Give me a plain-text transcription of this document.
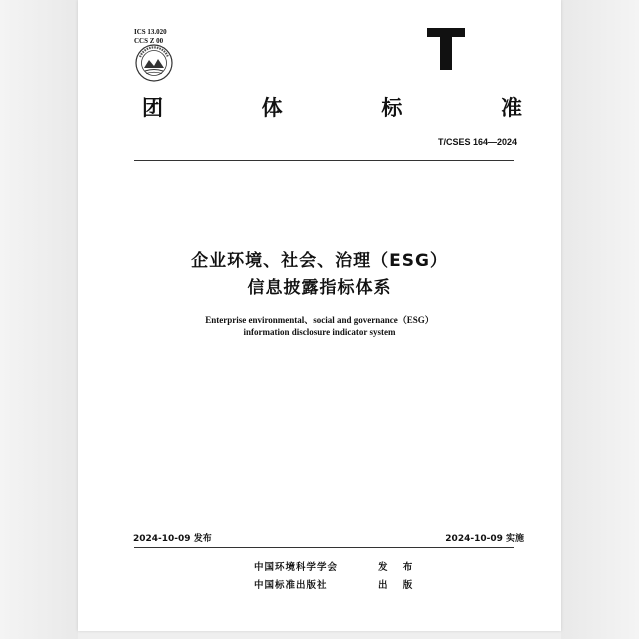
ICS 13.020
CCS Z 00
团	体	标	准
T/CSES 164—2024
企业环境、社会、治理（ESG）
信息披露指标体系
Enterprise environmental、social and governance（ESG）
information disclosure indicator system
2024-10-09 发布	2024-10-09 实施
中国环境科学学会	发 布
中国标准出版社	出 版
